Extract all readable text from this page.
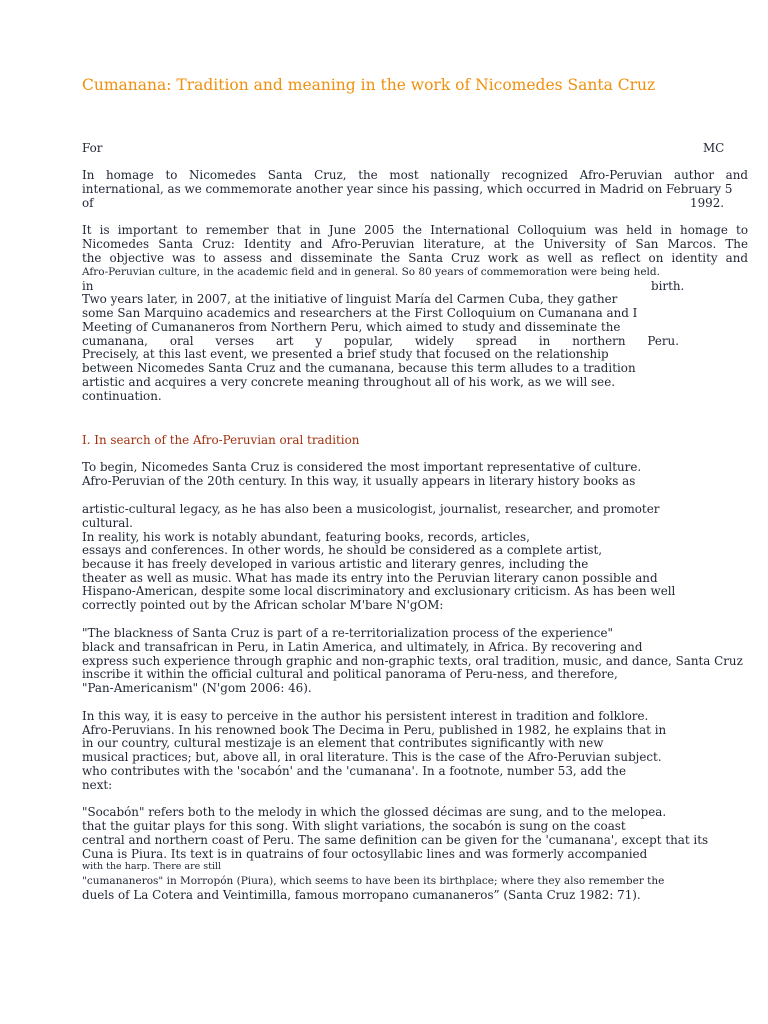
Cumanana: Tradition and meaning in the work of Nicomedes Santa Cruz
For	MC
In homage to Nicomedes Santa Cruz, the most nationally recognized Afro-Peruvian author and
international, as we commemorate another year since his passing, which occurred in Madrid on February 5
of	1992.
It is important to remember that in June 2005 the International Colloquium was held in homage to
Nicomedes Santa Cruz: Identity and Afro-Peruvian literature, at the University of San Marcos. The
the objective was to assess and disseminate the Santa Cruz work as well as reflect on identity and
Afro-Peruvian culture, in the academic field and in general. So 80 years of commemoration were being held.
in	birth.
Two years later, in 2007, at the initiative of linguist María del Carmen Cuba, they gather
some San Marquino academics and researchers at the First Colloquium on Cumanana and I
Meeting of Cumananeros from Northern Peru, which aimed to study and disseminate the
cumanana, oral verses art y popular, widely spread in northern Peru.
Precisely, at this last event, we presented a brief study that focused on the relationship
between Nicomedes Santa Cruz and the cumanana, because this term alludes to a tradition
artistic and acquires a very concrete meaning throughout all of his work, as we will see.
continuation.
I. In search of the Afro-Peruvian oral tradition
To begin, Nicomedes Santa Cruz is considered the most important representative of culture.
Afro-Peruvian of the 20th century. In this way, it usually appears in literary history books as
artistic-cultural legacy, as he has also been a musicologist, journalist, researcher, and promoter
cultural.
In reality, his work is notably abundant, featuring books, records, articles,
essays and conferences. In other words, he should be considered as a complete artist,
because it has freely developed in various artistic and literary genres, including the
theater as well as music. What has made its entry into the Peruvian literary canon possible and
Hispano-American, despite some local discriminatory and exclusionary criticism. As has been well
correctly pointed out by the African scholar M'bare N'gOM:
"The blackness of Santa Cruz is part of a re-territorialization process of the experience"
black and transafrican in Peru, in Latin America, and ultimately, in Africa. By recovering and
express such experience through graphic and non-graphic texts, oral tradition, music, and dance, Santa Cruz
inscribe it within the official cultural and political panorama of Peru-ness, and therefore,
"Pan-Americanism" (N'gom 2006: 46).
In this way, it is easy to perceive in the author his persistent interest in tradition and folklore.
Afro-Peruvians. In his renowned book The Decima in Peru, published in 1982, he explains that in
in our country, cultural mestizaje is an element that contributes significantly with new
musical practices; but, above all, in oral literature. This is the case of the Afro-Peruvian subject.
who contributes with the 'socabón' and the 'cumanana'. In a footnote, number 53, add the
next:
"Socabón" refers both to the melody in which the glossed décimas are sung, and to the melopea.
that the guitar plays for this song. With slight variations, the socabón is sung on the coast
central and northern coast of Peru. The same definition can be given for the 'cumanana', except that its
Cuna is Piura. Its text is in quatrains of four octosyllabic lines and was formerly accompanied
with the harp. There are still
"cumananeros" in Morropón (Piura), which seems to have been its birthplace; where they also remember the
duels of La Cotera and Veintimilla, famous morropano cumananeros” (Santa Cruz 1982: 71).
